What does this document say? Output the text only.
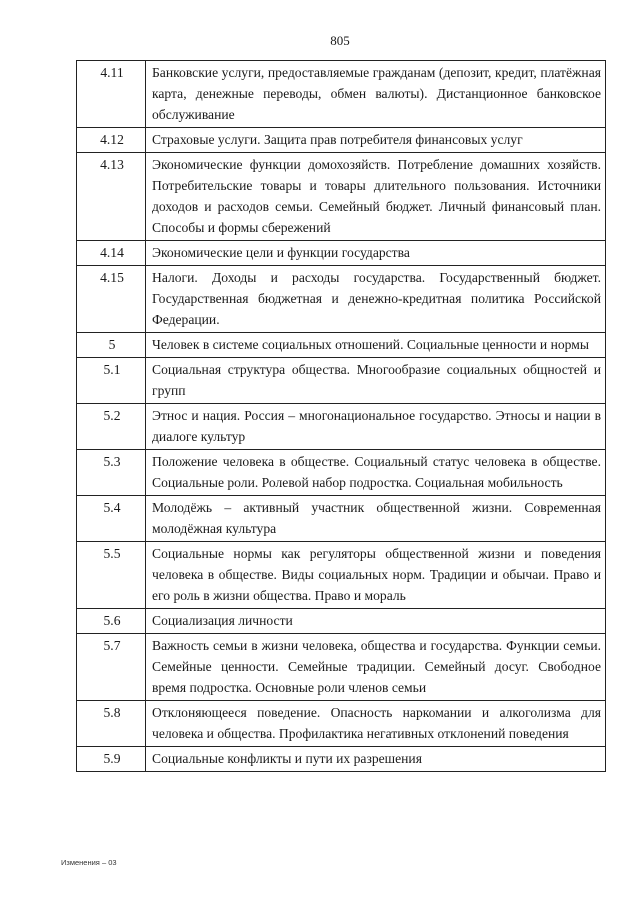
805
4.11	Банковские услуги, предоставляемые гражданам (депозит, кредит, платёжная карта, денежные переводы, обмен валюты). Дистанционное банковское обслуживание
4.12	Страховые услуги. Защита прав потребителя финансовых услуг
4.13	Экономические функции домохозяйств. Потребление домашних хозяйств. Потребительские товары и товары длительного пользования. Источники доходов и расходов семьи. Семейный бюджет. Личный финансовый план. Способы и формы сбережений
4.14	Экономические цели и функции государства
4.15	Налоги. Доходы и расходы государства. Государственный бюджет. Государственная бюджетная и денежно-кредитная политика Российской Федерации.
5	Человек в системе социальных отношений. Социальные ценности и нормы
5.1	Социальная структура общества. Многообразие социальных общностей и групп
5.2	Этнос и нация. Россия – многонациональное государство. Этносы и нации в диалоге культур
5.3	Положение человека в обществе. Социальный статус человека в обществе. Социальные роли. Ролевой набор подростка. Социальная мобильность
5.4	Молодёжь – активный участник общественной жизни. Современная молодёжная культура
5.5	Социальные нормы как регуляторы общественной жизни и поведения человека в обществе. Виды социальных норм. Традиции и обычаи. Право и его роль в жизни общества. Право и мораль
5.6	Социализация личности
5.7	Важность семьи в жизни человека, общества и государства. Функции семьи. Семейные ценности. Семейные традиции. Семейный досуг. Свободное время подростка. Основные роли членов семьи
5.8	Отклоняющееся поведение. Опасность наркомании и алкоголизма для человека и общества. Профилактика негативных отклонений поведения
5.9	Социальные конфликты и пути их разрешения
Изменения – 03
